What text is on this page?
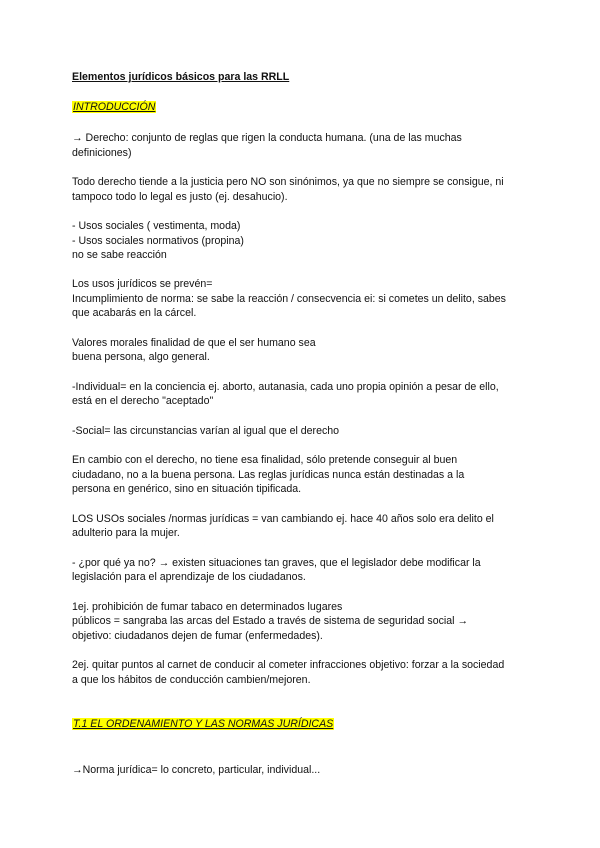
Elementos jurídicos básicos para las RRLL
INTRODUCCIÓN
→ Derecho: conjunto de reglas que rigen la conducta humana. (una de las muchas
definiciones)
Todo derecho tiende a la justicia pero NO son sinónimos, ya que no siempre se consigue, ni
tampoco todo lo legal es justo (ej. desahucio).
- Usos sociales ( vestimenta, moda)
- Usos sociales normativos (propina)
no se sabe reacción
Los usos jurídicos se prevén=
Incumplimiento de norma: se sabe la reacción / consecvencia ei: si cometes un delito, sabes
que acabarás en la cárcel.
Valores morales finalidad de que el ser humano sea
buena persona, algo general.
-Individual= en la conciencia ej. aborto, autanasia, cada uno propia opinión a pesar de ello,
está en el derecho "aceptado"
-Social= las circunstancias varían al igual que el derecho
En cambio con el derecho, no tiene esa finalidad, sólo pretende conseguir al buen
ciudadano, no a la buena persona. Las reglas jurídicas nunca están destinadas a la
persona en genérico, sino en situación tipificada.
LOS USOs sociales /normas jurídicas = van cambiando ej. hace 40 años solo era delito el
adulterio para la mujer.
- ¿por qué ya no? → existen situaciones tan graves, que el legislador debe modificar la
legislación para el aprendizaje de los ciudadanos.
1ej. prohibición de fumar tabaco en determinados lugares
públicos = sangraba las arcas del Estado a través de sistema de seguridad social →
objetivo: ciudadanos dejen de fumar (enfermedades).
2ej. quitar puntos al carnet de conducir al cometer infracciones objetivo: forzar a la sociedad
a que los hábitos de conducción cambien/mejoren.
T.1 EL ORDENAMIENTO Y LAS NORMAS JURÍDICAS
→Norma jurídica= lo concreto, particular, individual...
